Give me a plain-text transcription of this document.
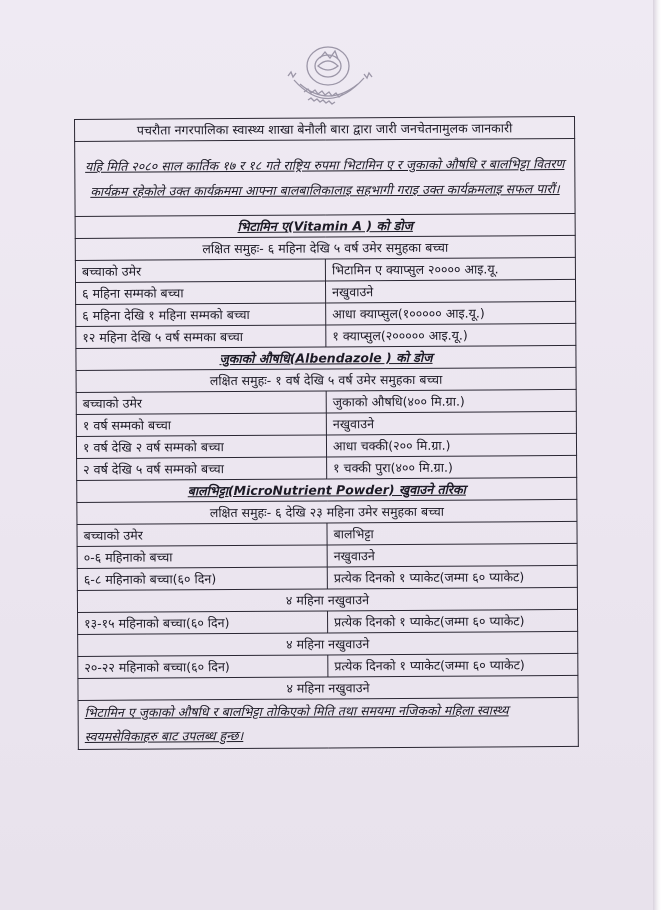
पचरौता नगरपालिका स्वास्थ्य शाखा बेनौली बारा द्वारा जारी जनचेतनामुलक जानकारी	
यहि मिति २०८० साल कार्तिक १७ र १८ गते राष्ट्रिय रुपमा भिटामिन ए र जुकाको औषधि र बालभिट्टा वितरण कार्यक्रम रहेकोले उक्त कार्यक्रममा आफ्ना बालबालिकालाइ सहभागी गराइ उक्त कार्यक्रमलाइ सफल पारौं।	
भिटामिन ए(Vitamin A ) को डोज	
लक्षित समुहः- ६ महिना देखि ५ वर्ष उमेर समुहका बच्चा	
बच्चाको उमेर	भिटामिन ए क्याप्सुल २०००० आइ.यू.
६ महिना सम्मको बच्चा	नखुवाउने
६ महिना देखि १ महिना सम्मको बच्चा	आधा क्याप्सुल(१००००० आइ.यू.)
१२ महिना देखि ५ वर्ष सम्मका बच्चा	१ क्याप्सुल(२००००० आइ.यू.)
जुकाको औषधि(Albendazole ) को डोज	
लक्षित समुहः- १ वर्ष देखि ५ वर्ष उमेर समुहका बच्चा	
बच्चाको उमेर	जुकाको औषधि(४०० मि.ग्रा.)
१ वर्ष सम्मको बच्चा	नखुवाउने
१ वर्ष देखि २ वर्ष सम्मको बच्चा	आधा चक्की(२०० मि.ग्रा.)
२ वर्ष देखि ५ वर्ष सम्मको बच्चा	१ चक्की पुरा(४०० मि.ग्रा.)
बालभिट्टा(MicroNutrient Powder) खुवाउने तरिका	
लक्षित समुहः- ६ देखि २३ महिना उमेर समुहका बच्चा	
बच्चाको उमेर	बालभिट्टा
०-६ महिनाको बच्चा	नखुवाउने
६-८ महिनाको बच्चा(६० दिन)	प्रत्येक दिनको १ प्याकेट(जम्मा ६० प्याकेट)
४ महिना नखुवाउने	
१३-१५ महिनाको बच्चा(६० दिन)	प्रत्येक दिनको १ प्याकेट(जम्मा ६० प्याकेट)
४ महिना नखुवाउने	
२०-२२ महिनाको बच्चा(६० दिन)	प्रत्येक दिनको १ प्याकेट(जम्मा ६० प्याकेट)
४ महिना नखुवाउने	
भिटामिन ए जुकाको औषधि र बालभिट्टा तोकिएको मिति तथा समयमा नजिकको महिला स्वास्थ्य स्वयमसेविकाहरु बाट उपलब्ध हुन्छ।	
